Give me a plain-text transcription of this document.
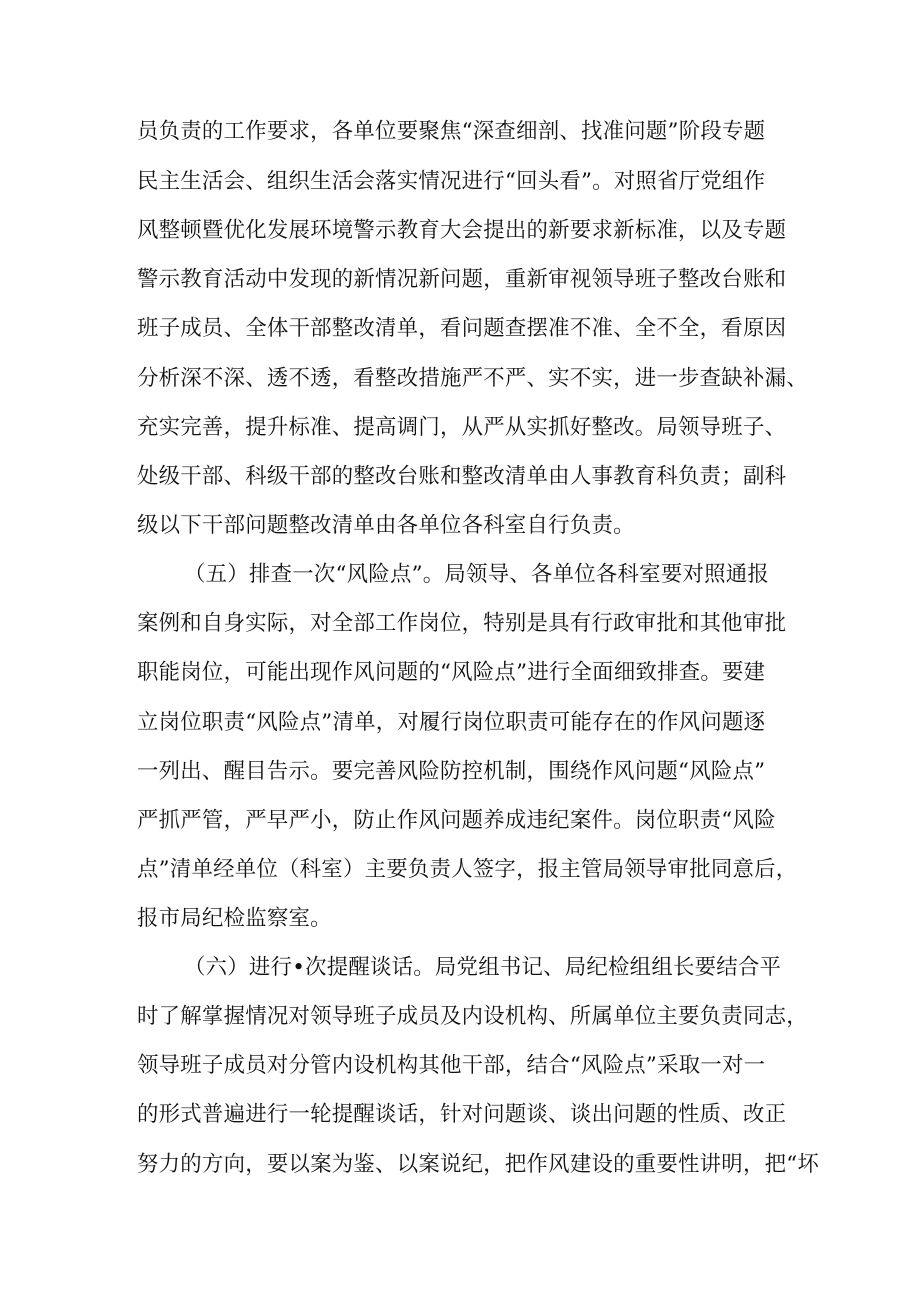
员负责的工作要求，各单位要聚焦“深查细剖、找准问题”阶段专题
民主生活会、组织生活会落实情况进行“回头看”。对照省厅党组作
风整顿暨优化发展环境警示教育大会提出的新要求新标准，以及专题
警示教育活动中发现的新情况新问题，重新审视领导班子整改台账和
班子成员、全体干部整改清单，看问题查摆准不准、全不全，看原因
分析深不深、透不透，看整改措施严不严、实不实，进一步查缺补漏、
充实完善，提升标准、提高调门，从严从实抓好整改。局领导班子、
处级干部、科级干部的整改台账和整改清单由人事教育科负责；副科
级以下干部问题整改清单由各单位各科室自行负责。
（五）排查一次“风险点”。局领导、各单位各科室要对照通报
案例和自身实际，对全部工作岗位，特别是具有行政审批和其他审批
职能岗位，可能出现作风问题的“风险点”进行全面细致排查。要建
立岗位职责“风险点”清单，对履行岗位职责可能存在的作风问题逐
一列出、醒目告示。要完善风险防控机制，围绕作风问题“风险点”
严抓严管，严早严小，防止作风问题养成违纪案件。岗位职责“风险
点”清单经单位（科室）主要负责人签字，报主管局领导审批同意后，
报市局纪检监察室。
（六）进行•次提醒谈话。局党组书记、局纪检组组长要结合平
时了解掌握情况对领导班子成员及内设机构、所属单位主要负责同志，
领导班子成员对分管内设机构其他干部，结合“风险点”采取一对一
的形式普遍进行一轮提醒谈话，针对问题谈、谈出问题的性质、改正
努力的方向，要以案为鉴、以案说纪，把作风建设的重要性讲明，把“坏
